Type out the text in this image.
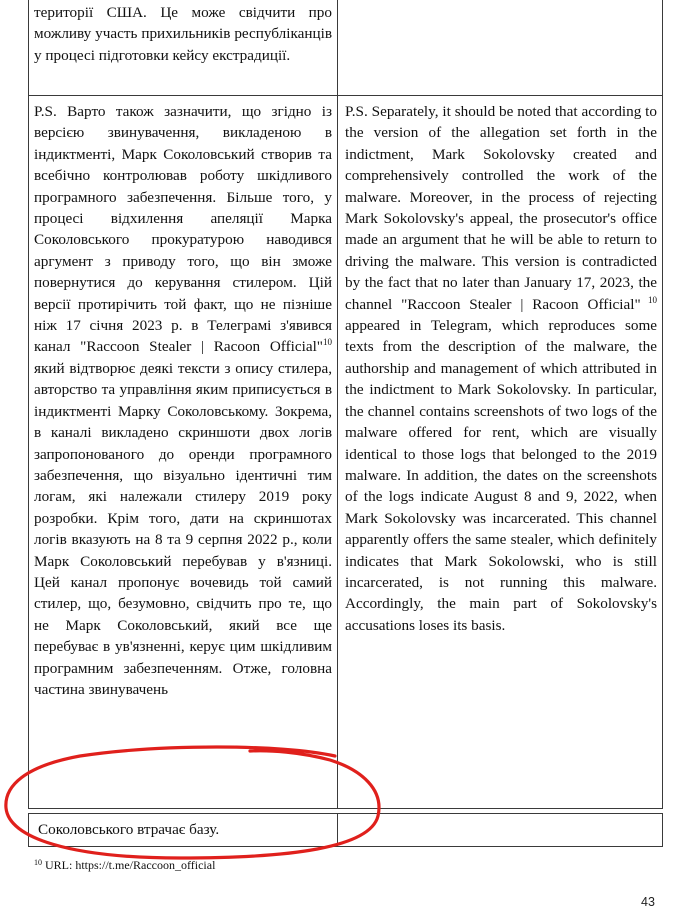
території США. Це може свідчити про можливу участь прихильників республіканців у процесі підготовки кейсу екстрадиції.
P.S. Варто також зазначити, що згідно із версією звинувачення, викладеною в індиктменті, Марк Соколовський створив та всебічно контролював роботу шкідливого програмного забезпечення. Більше того, у процесі відхилення апеляції Марка Соколовського прокуратурою наводився аргумент з приводу того, що він зможе повернутися до керування стилером. Цій версії протирічить той факт, що не пізніше ніж 17 січня 2023 р. в Телеграмі з'явився канал "Raccoon Stealer | Racoon Official"$^{10}$ який відтворює деякі тексти з опису стилера, авторство та управління яким приписується в індиктменті Марку Соколовському. Зокрема, в каналі викладено скриншоти двох логів запропонованого до оренди програмного забезпечення, що візуально ідентичні тим логам, які належали стилеру 2019 року розробки. Крім того, дати на скриншотах логів вказують на 8 та 9 серпня 2022 р., коли Марк Соколовський перебував у в'язниці. Цей канал пропонує вочевидь той самий стилер, що, безумовно, свідчить про те, що не Марк Соколовський, який все ще перебуває в ув'язненні, керує цим шкідливим програмним забезпеченням. Отже, головна частина звинувачень
P.S. Separately, it should be noted that according to the version of the allegation set forth in the indictment, Mark Sokolovsky created and comprehensively controlled the work of the malware. Moreover, in the process of rejecting Mark Sokolovsky's appeal, the prosecutor's office made an argument that he will be able to return to driving the malware. This version is contradicted by the fact that no later than January 17, 2023, the channel "Raccoon Stealer | Racoon Official" $^{10}$ appeared in Telegram, which reproduces some texts from the description of the malware, the authorship and management of which attributed in the indictment to Mark Sokolovsky. In particular, the channel contains screenshots of two logs of the malware offered for rent, which are visually identical to those logs that belonged to the 2019 malware. In addition, the dates on the screenshots of the logs indicate August 8 and 9, 2022, when Mark Sokolovsky was incarcerated. This channel apparently offers the same stealer, which definitely indicates that Mark Sokolowski, who is still incarcerated, is not running this malware. Accordingly, the main part of Sokolovsky's accusations loses its basis.
Соколовського втрачає базу.
$^{10}$ URL: https://t.me/Raccoon_official
43
